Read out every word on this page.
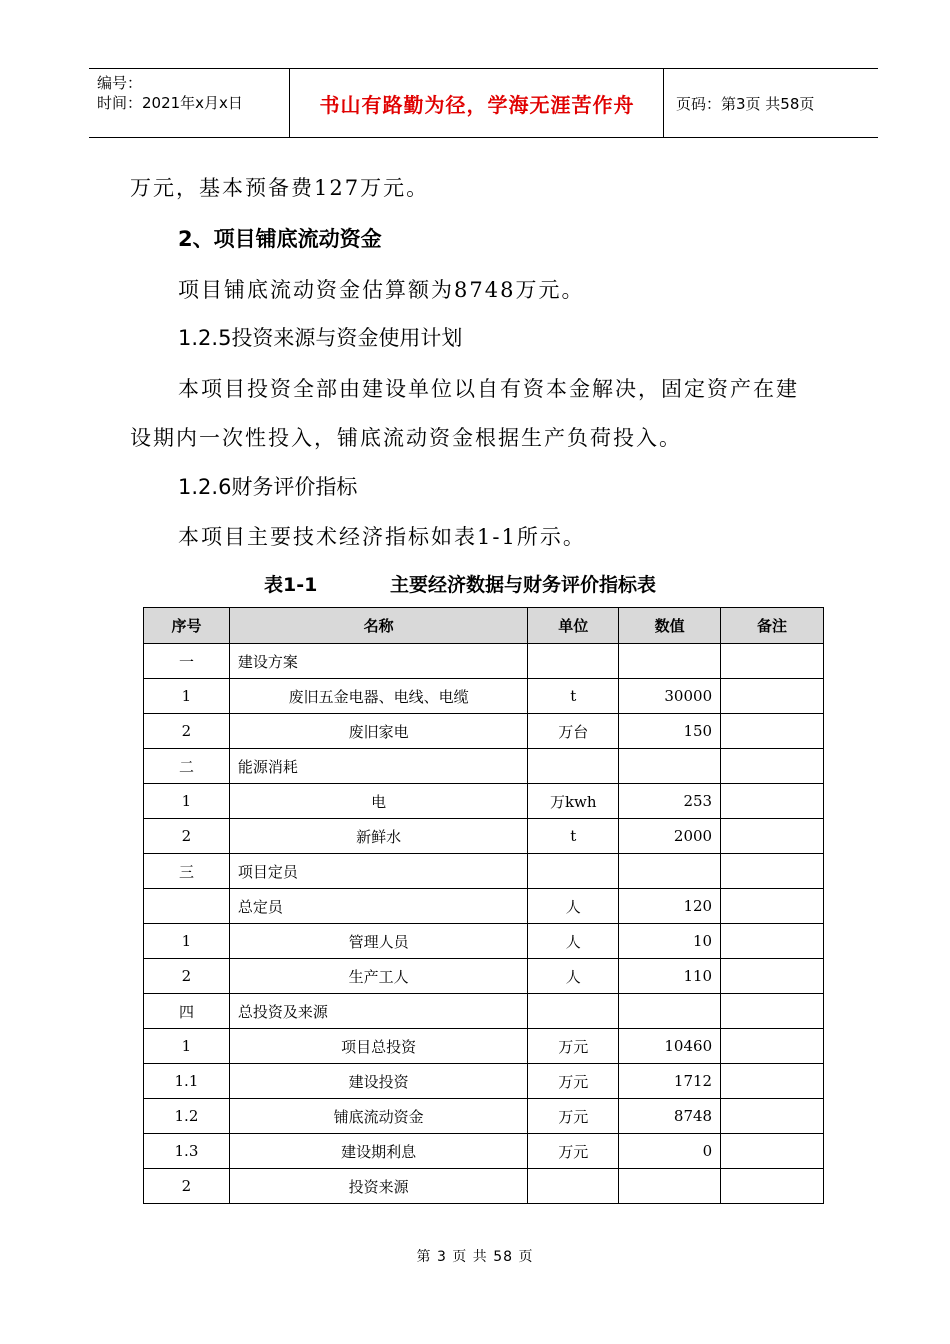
编号：
时间：2021年x月x日	书山有路勤为径，学海无涯苦作舟	页码：第3页 共58页
万元，基本预备费127万元。
2、项目铺底流动资金
项目铺底流动资金估算额为8748万元。
1.2.5投资来源与资金使用计划
本项目投资全部由建设单位以自有资本金解决，固定资产在建
设期内一次性投入，铺底流动资金根据生产负荷投入。
1.2.6财务评价指标
本项目主要技术经济指标如表1-1所示。
表1-1	主要经济数据与财务评价指标表
序号	名称	单位	数值	备注
一	建设方案			
1	废旧五金电器、电线、电缆	t	30000	
2	废旧家电	万台	150	
二	能源消耗			
1	电	万kwh	253	
2	新鲜水	t	2000	
三	项目定员			
	总定员	人	120	
1	管理人员	人	10	
2	生产工人	人	110	
四	总投资及来源			
1	项目总投资	万元	10460	
1.1	建设投资	万元	1712	
1.2	铺底流动资金	万元	8748	
1.3	建设期利息	万元	0	
2	投资来源			
第 3 页 共 58 页
